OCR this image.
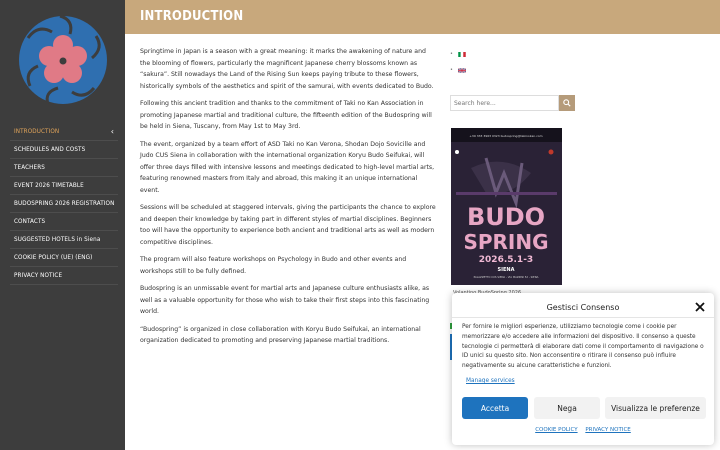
INTRODUCTION	‹
SCHEDULES AND COSTS
TEACHERS
EVENT 2026 TIMETABLE
BUDOSPRING 2026 REGISTRATION
CONTACTS
SUGGESTED HOTELS in Siena
COOKIE POLICY (UE) (ENG)
PRIVACY NOTICE
INTRODUCTION

Springtime in Japan is a season with a great meaning: it marks the awakening of nature and the blooming of flowers, particularly the magnificent Japanese cherry blossoms known as “sakura”. Still nowadays the Land of the Rising Sun keeps paying tribute to these flowers, historically symbols of the aesthetics and spirit of the samurai, with events dedicated to Budo.

Following this ancient tradition and thanks to the commitment of Taki no Kan Association in promoting Japanese martial and traditional culture, the fifteenth edition of the Budospring will be held in Siena, Tuscany, from May 1st to May 3rd.

The event, organized by a team effort of ASD Taki no Kan Verona, Shodan Dojo Sovicille and Judo CUS Siena in collaboration with the international organization Koryu Budo Seifukai, will offer three days filled with intensive lessons and meetings dedicated to high-level martial arts, featuring renowned masters from Italy and abroad, this making it an unique international event.

Sessions will be scheduled at staggered intervals, giving the participants the chance to explore and deepen their knowledge by taking part in different styles of martial disciplines. Beginners too will have the opportunity to experience both ancient and traditional arts as well as modern competitive disciplines.

The program will also feature workshops on Psychology in Budo and other events and workshops still to be fully defined.

Budospring is an unmissable event for martial arts and Japanese culture enthusiasts alike, as well as a valuable opportunity for those who wish to take their first steps into this fascinating world.

“Budospring” is organized in close collaboration with Koryu Budo Seifukai, an international organization dedicated to promoting and preserving Japanese martial traditions.

•
•
Search here...
+39 333 3963 0323 budospring@takinokan.com
BUDO
SPRING
2026.5.1-3
SIENA
PALAZZETTO CUS SIENA - VIA MAZZINI 52 - SIENA
Gestisci Consenso
Per fornire le migliori esperienze, utilizziamo tecnologie come i cookie per memorizzare e/o accedere alle informazioni del dispositivo. Il consenso a queste tecnologie ci permetterà di elaborare dati come il comportamento di navigazione o ID unici su questo sito. Non acconsentire o ritirare il consenso può influire negativamente su alcune caratteristiche e funzioni.
Manage services
Accetta	Nega	Visualizza le preferenze
COOKIE POLICY PRIVACY NOTICE
